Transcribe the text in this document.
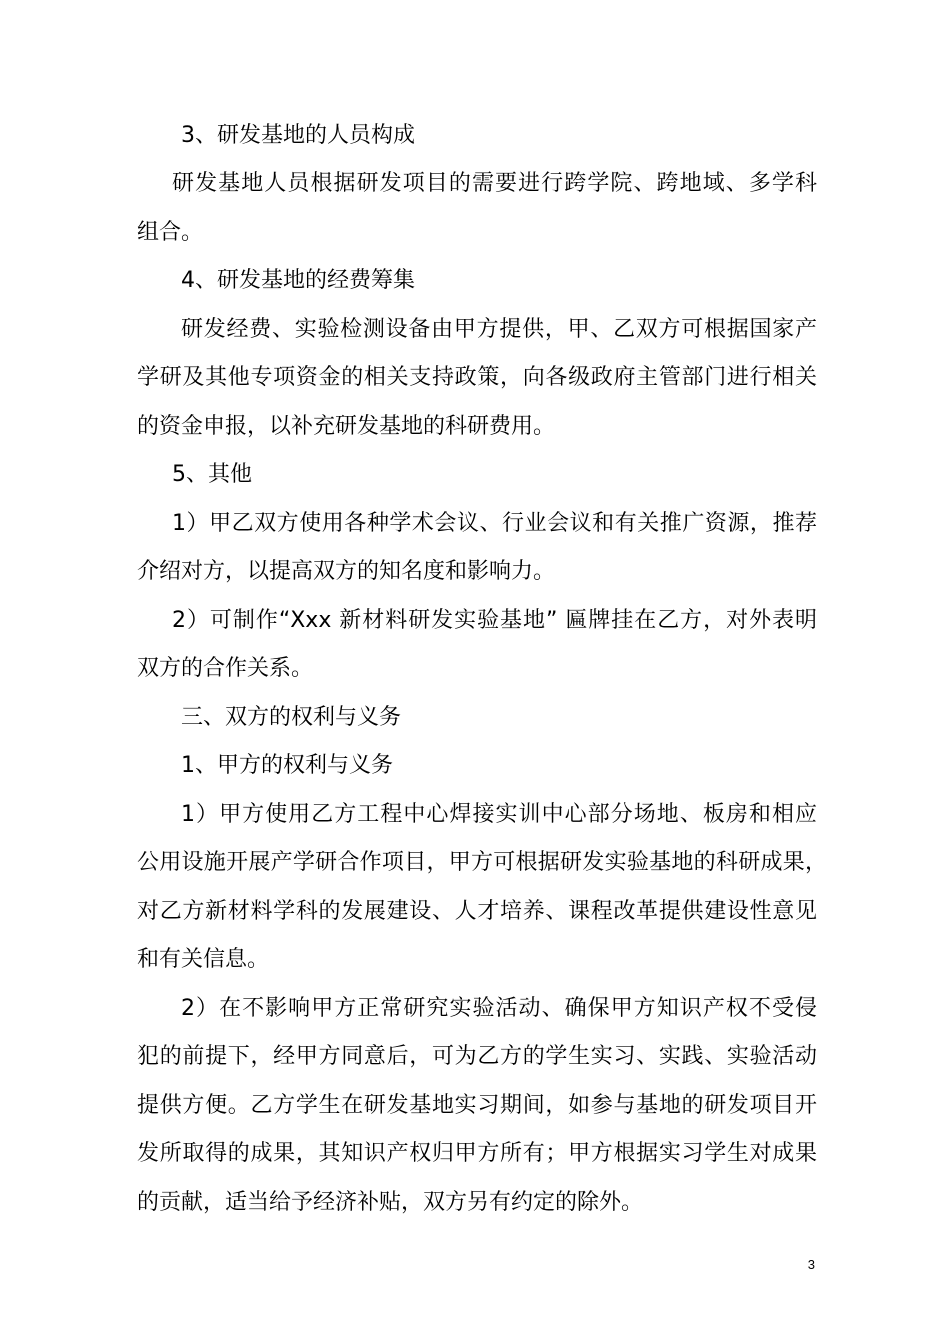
3、研发基地的人员构成
研发基地人员根据研发项目的需要进行跨学院、跨地域、多学科
组合。
4、研发基地的经费筹集
研发经费、实验检测设备由甲方提供，甲、乙双方可根据国家产
学研及其他专项资金的相关支持政策，向各级政府主管部门进行相关
的资金申报，以补充研发基地的科研费用。
5、其他
1）甲乙双方使用各种学术会议、行业会议和有关推广资源，推荐
介绍对方，以提高双方的知名度和影响力。
2）可制作“Xxx 新材料研发实验基地” 匾牌挂在乙方，对外表明
双方的合作关系。
三、双方的权利与义务
1、甲方的权利与义务
1）甲方使用乙方工程中心焊接实训中心部分场地、板房和相应
公用设施开展产学研合作项目，甲方可根据研发实验基地的科研成果，
对乙方新材料学科的发展建设、人才培养、课程改革提供建设性意见
和有关信息。
2）在不影响甲方正常研究实验活动、确保甲方知识产权不受侵
犯的前提下，经甲方同意后，可为乙方的学生实习、实践、实验活动
提供方便。乙方学生在研发基地实习期间，如参与基地的研发项目开
发所取得的成果，其知识产权归甲方所有；甲方根据实习学生对成果
的贡献，适当给予经济补贴，双方另有约定的除外。
3
